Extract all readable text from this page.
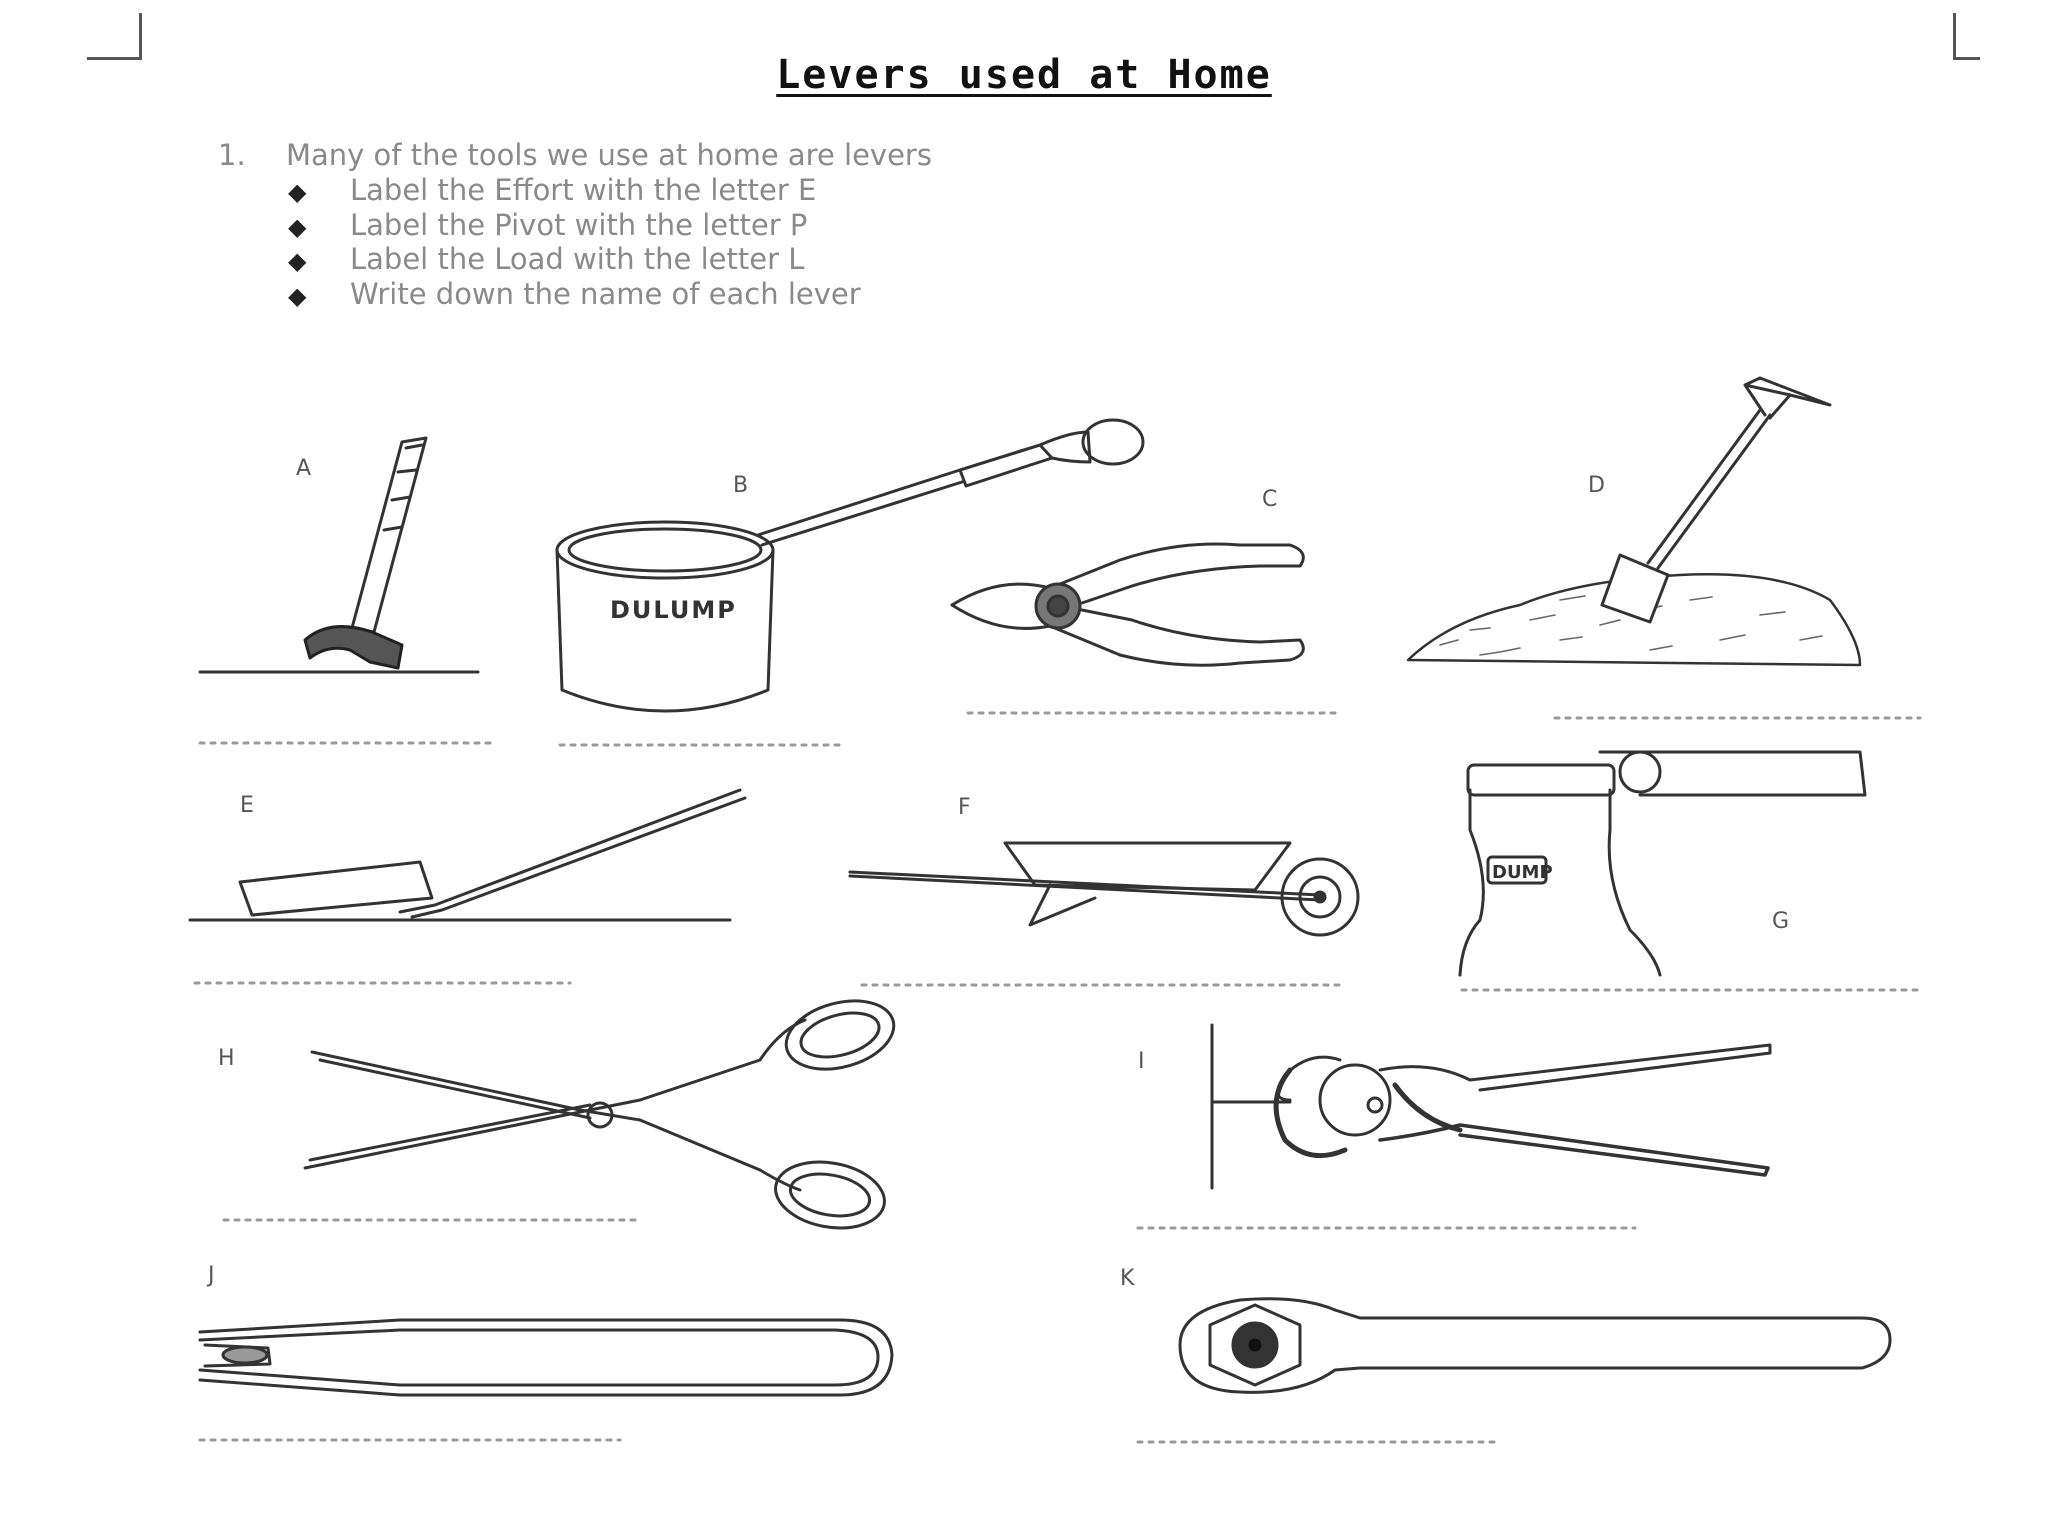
Levers used at Home
1. Many of the tools we use at home are levers
◆ Label the Effort with the letter E
◆ Label the Pivot with the letter P
◆ Label the Load with the letter L
◆ Write down the name of each lever
A
B
DULUMP
C
D
E	F
G
DUMP
H	I
J	K
